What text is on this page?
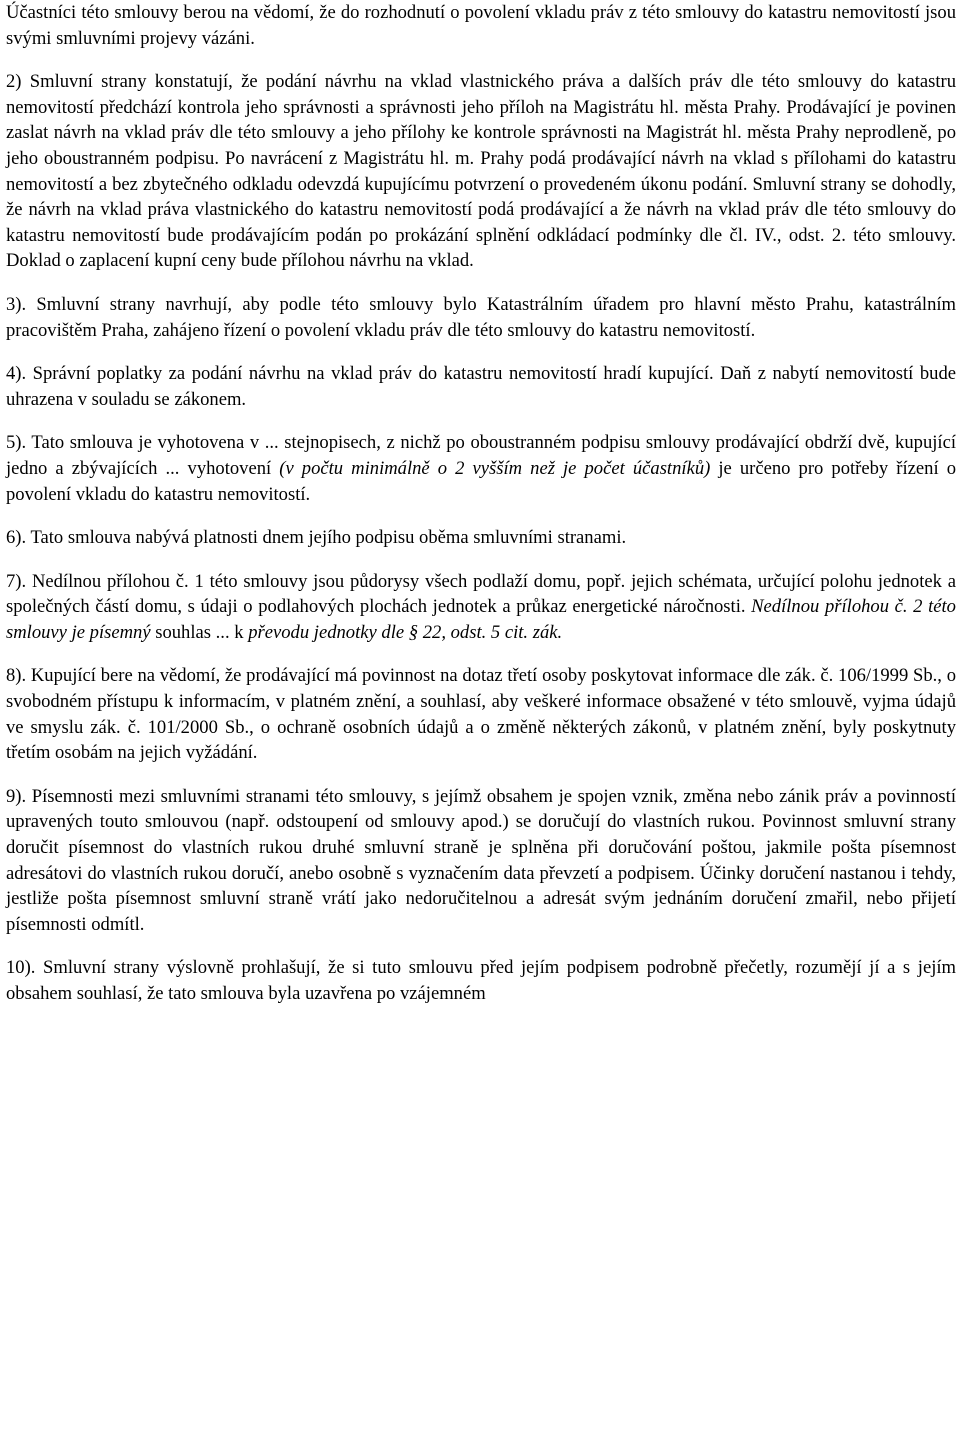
Účastníci této smlouvy berou na vědomí, že do rozhodnutí o povolení vkladu práv z této smlouvy do katastru nemovitostí jsou svými smluvními projevy vázáni.

2) Smluvní strany konstatují, že podání návrhu na vklad vlastnického práva a dalších práv dle této smlouvy do katastru nemovitostí předchází kontrola jeho správnosti a správnosti jeho příloh na Magistrátu hl. města Prahy. Prodávající je povinen zaslat návrh na vklad práv dle této smlouvy a jeho přílohy ke kontrole správnosti na Magistrát hl. města Prahy neprodleně, po jeho oboustranném podpisu. Po navrácení z Magistrátu hl. m. Prahy podá prodávající návrh na vklad s přílohami do katastru nemovitostí a bez zbytečného odkladu odevzdá kupujícímu potvrzení o provedeném úkonu podání. Smluvní strany se dohodly, že návrh na vklad práva vlastnického do katastru nemovitostí podá prodávající a že návrh na vklad práv dle této smlouvy do katastru nemovitostí bude prodávajícím podán po prokázání splnění odkládací podmínky dle čl. IV., odst. 2. této smlouvy. Doklad o zaplacení kupní ceny bude přílohou návrhu na vklad.

3). Smluvní strany navrhují, aby podle této smlouvy bylo Katastrálním úřadem pro hlavní město Prahu, katastrálním pracovištěm Praha, zahájeno řízení o povolení vkladu práv dle této smlouvy do katastru nemovitostí.

4). Správní poplatky za podání návrhu na vklad práv do katastru nemovitostí hradí kupující. Daň z nabytí nemovitostí bude uhrazena v souladu se zákonem.

5). Tato smlouva je vyhotovena v ... stejnopisech, z nichž po oboustranném podpisu smlouvy prodávající obdrží dvě, kupující jedno a zbývajících ... vyhotovení (v počtu minimálně o 2 vyšším než je počet účastníků) je určeno pro potřeby řízení o povolení vkladu do katastru nemovitostí.

6). Tato smlouva nabývá platnosti dnem jejího podpisu oběma smluvními stranami.

7). Nedílnou přílohou č. 1 této smlouvy jsou půdorysy všech podlaží domu, popř. jejich schémata, určující polohu jednotek a společných částí domu, s údaji o podlahových plochách jednotek a průkaz energetické náročnosti. Nedílnou přílohou č. 2 této smlouvy je písemný souhlas ... k převodu jednotky dle § 22, odst. 5 cit. zák.

8). Kupující bere na vědomí, že prodávající má povinnost na dotaz třetí osoby poskytovat informace dle zák. č. 106/1999 Sb., o svobodném přístupu k informacím, v platném znění, a souhlasí, aby veškeré informace obsažené v této smlouvě, vyjma údajů ve smyslu zák. č. 101/2000 Sb., o ochraně osobních údajů a o změně některých zákonů, v platném znění, byly poskytnuty třetím osobám na jejich vyžádání.

9). Písemnosti mezi smluvními stranami této smlouvy, s jejímž obsahem je spojen vznik, změna nebo zánik práv a povinností upravených touto smlouvou (např. odstoupení od smlouvy apod.) se doručují do vlastních rukou. Povinnost smluvní strany doručit písemnost do vlastních rukou druhé smluvní straně je splněna při doručování poštou, jakmile pošta písemnost adresátovi do vlastních rukou doručí, anebo osobně s vyznačením data převzetí a podpisem. Účinky doručení nastanou i tehdy, jestliže pošta písemnost smluvní straně vrátí jako nedoručitelnou a adresát svým jednáním doručení zmařil, nebo přijetí písemnosti odmítl.

10). Smluvní strany výslovně prohlašují, že si tuto smlouvu před jejím podpisem podrobně přečetly, rozumějí jí a s jejím obsahem souhlasí, že tato smlouva byla uzavřena po vzájemném
